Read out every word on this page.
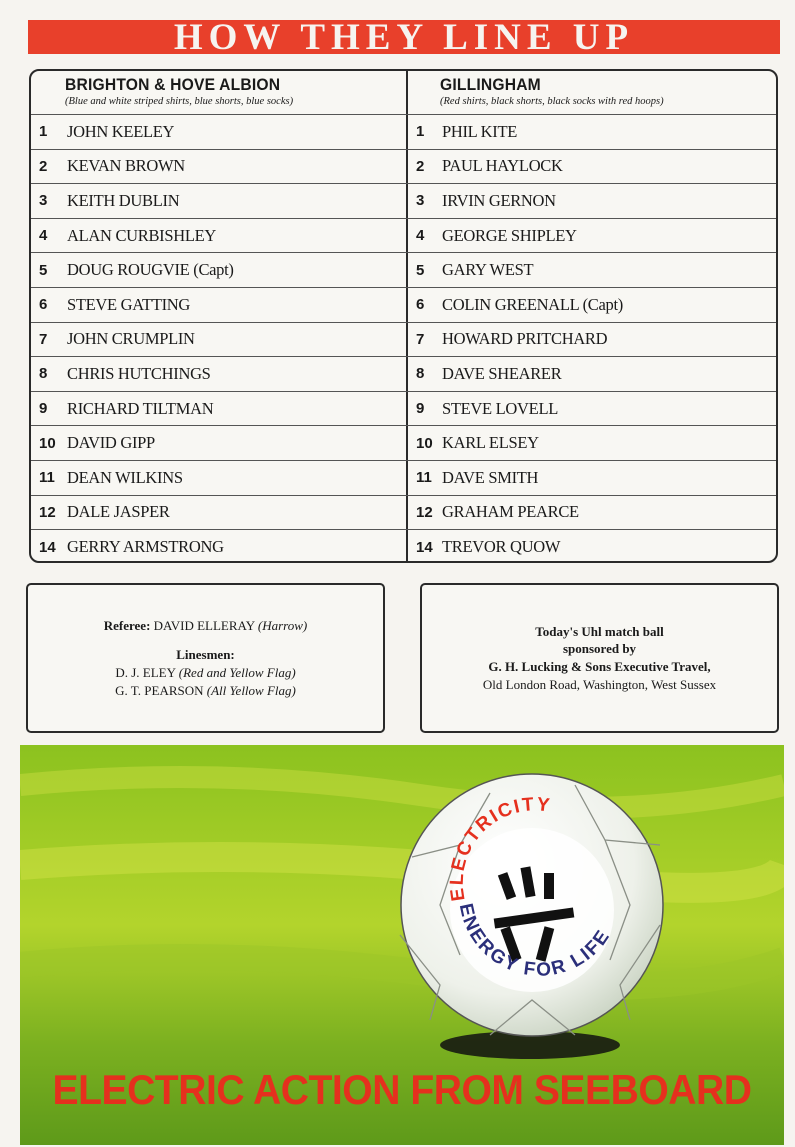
HOW THEY LINE UP
BRIGHTON & HOVE ALBION
(Blue and white striped shirts, blue shorts, blue socks)
1	JOHN KEELEY
2	KEVAN BROWN
3	KEITH DUBLIN
4	ALAN CURBISHLEY
5	DOUG ROUGVIE (Capt)
6	STEVE GATTING
7	JOHN CRUMPLIN
8	CHRIS HUTCHINGS
9	RICHARD TILTMAN
10 DAVID GIPP
11 DEAN WILKINS
12 DALE JASPER
14 GERRY ARMSTRONG
GILLINGHAM
(Red shirts, black shorts, black socks with red hoops)
1	PHIL KITE
2	PAUL HAYLOCK
3	IRVIN GERNON
4	GEORGE SHIPLEY
5	GARY WEST
6	COLIN GREENALL (Capt)
7	HOWARD PRITCHARD
8	DAVE SHEARER
9	STEVE LOVELL
10 KARL ELSEY
11 DAVE SMITH
12 GRAHAM PEARCE
14 TREVOR QUOW
Referee: DAVID ELLERAY (Harrow)
Linesmen:
D. J. ELEY (Red and Yellow Flag)
G. T. PEARSON (All Yellow Flag)
Today's Uhl match ball
sponsored by
G. H. Lucking & Sons Executive Travel,
Old London Road, Washington, West Sussex
ELECTRICITY
ENERGY FOR LIFE
ELECTRIC ACTION FROM SEEBOARD
